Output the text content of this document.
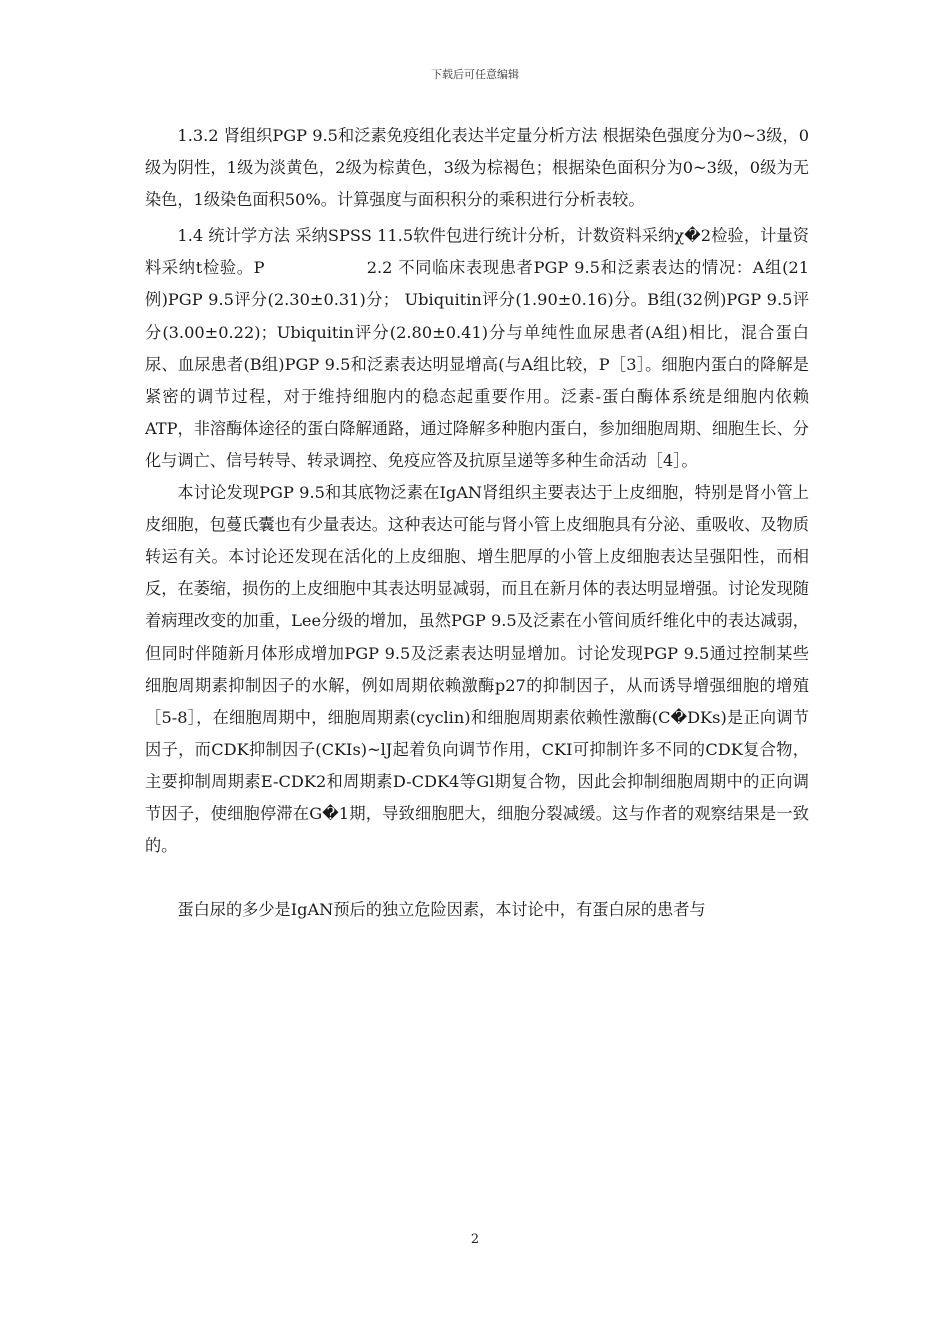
下载后可任意编辑

1.3.2 肾组织PGP 9.5和泛素免疫组化表达半定量分析方法 根据染色强度分为0~3级，0级为阴性，1级为淡黄色，2级为棕黄色，3级为棕褐色；根据染色面积分为0~3级，0级为无染色，1级染色面积50%。计算强度与面积积分的乘积进行分析表较。

1.4 统计学方法 采纳SPSS 11.5软件包进行统计分析，计数资料采纳χ�2检验，计量资料采纳t检验。P　　　　　　2.2 不同临床表现患者PGP 9.5和泛素表达的情况：A组(21例)PGP 9.5评分(2.30±0.31)分； Ubiquitin评分(1.90±0.16)分。B组(32例)PGP 9.5评分(3.00±0.22)；Ubiquitin评分(2.80±0.41)分与单纯性血尿患者(A组)相比，混合蛋白尿、血尿患者(B组)PGP 9.5和泛素表达明显增高(与A组比较，P［3］。细胞内蛋白的降解是紧密的调节过程，对于维持细胞内的稳态起重要作用。泛素-蛋白酶体系统是细胞内依赖ATP，非溶酶体途径的蛋白降解通路，通过降解多种胞内蛋白，参加细胞周期、细胞生长、分化与调亡、信号转导、转录调控、免疫应答及抗原呈递等多种生命活动［4］。

本讨论发现PGP 9.5和其底物泛素在IgAN肾组织主要表达于上皮细胞，特别是肾小管上皮细胞，包蔓氏囊也有少量表达。这种表达可能与肾小管上皮细胞具有分泌、重吸收、及物质转运有关。本讨论还发现在活化的上皮细胞、增生肥厚的小管上皮细胞表达呈强阳性，而相反，在萎缩，损伤的上皮细胞中其表达明显减弱，而且在新月体的表达明显增强。讨论发现随着病理改变的加重，Lee分级的增加，虽然PGP 9.5及泛素在小管间质纤维化中的表达减弱，但同时伴随新月体形成增加PGP 9.5及泛素表达明显增加。讨论发现PGP 9.5通过控制某些细胞周期素抑制因子的水解，例如周期依赖激酶p27的抑制因子，从而诱导增强细胞的增殖［5-8］，在细胞周期中，细胞周期素(cyclin)和细胞周期素依赖性激酶(C�DKs)是正向调节因子，而CDK抑制因子(CKIs)~lJ起着负向调节作用，CKI可抑制许多不同的CDK复合物，主要抑制周期素E-CDK2和周期素D-CDK4等Gl期复合物，因此会抑制细胞周期中的正向调节因子，使细胞停滞在G�1期，导致细胞肥大，细胞分裂减缓。这与作者的观察结果是一致的。

蛋白尿的多少是IgAN预后的独立危险因素，本讨论中，有蛋白尿的患者与

2
